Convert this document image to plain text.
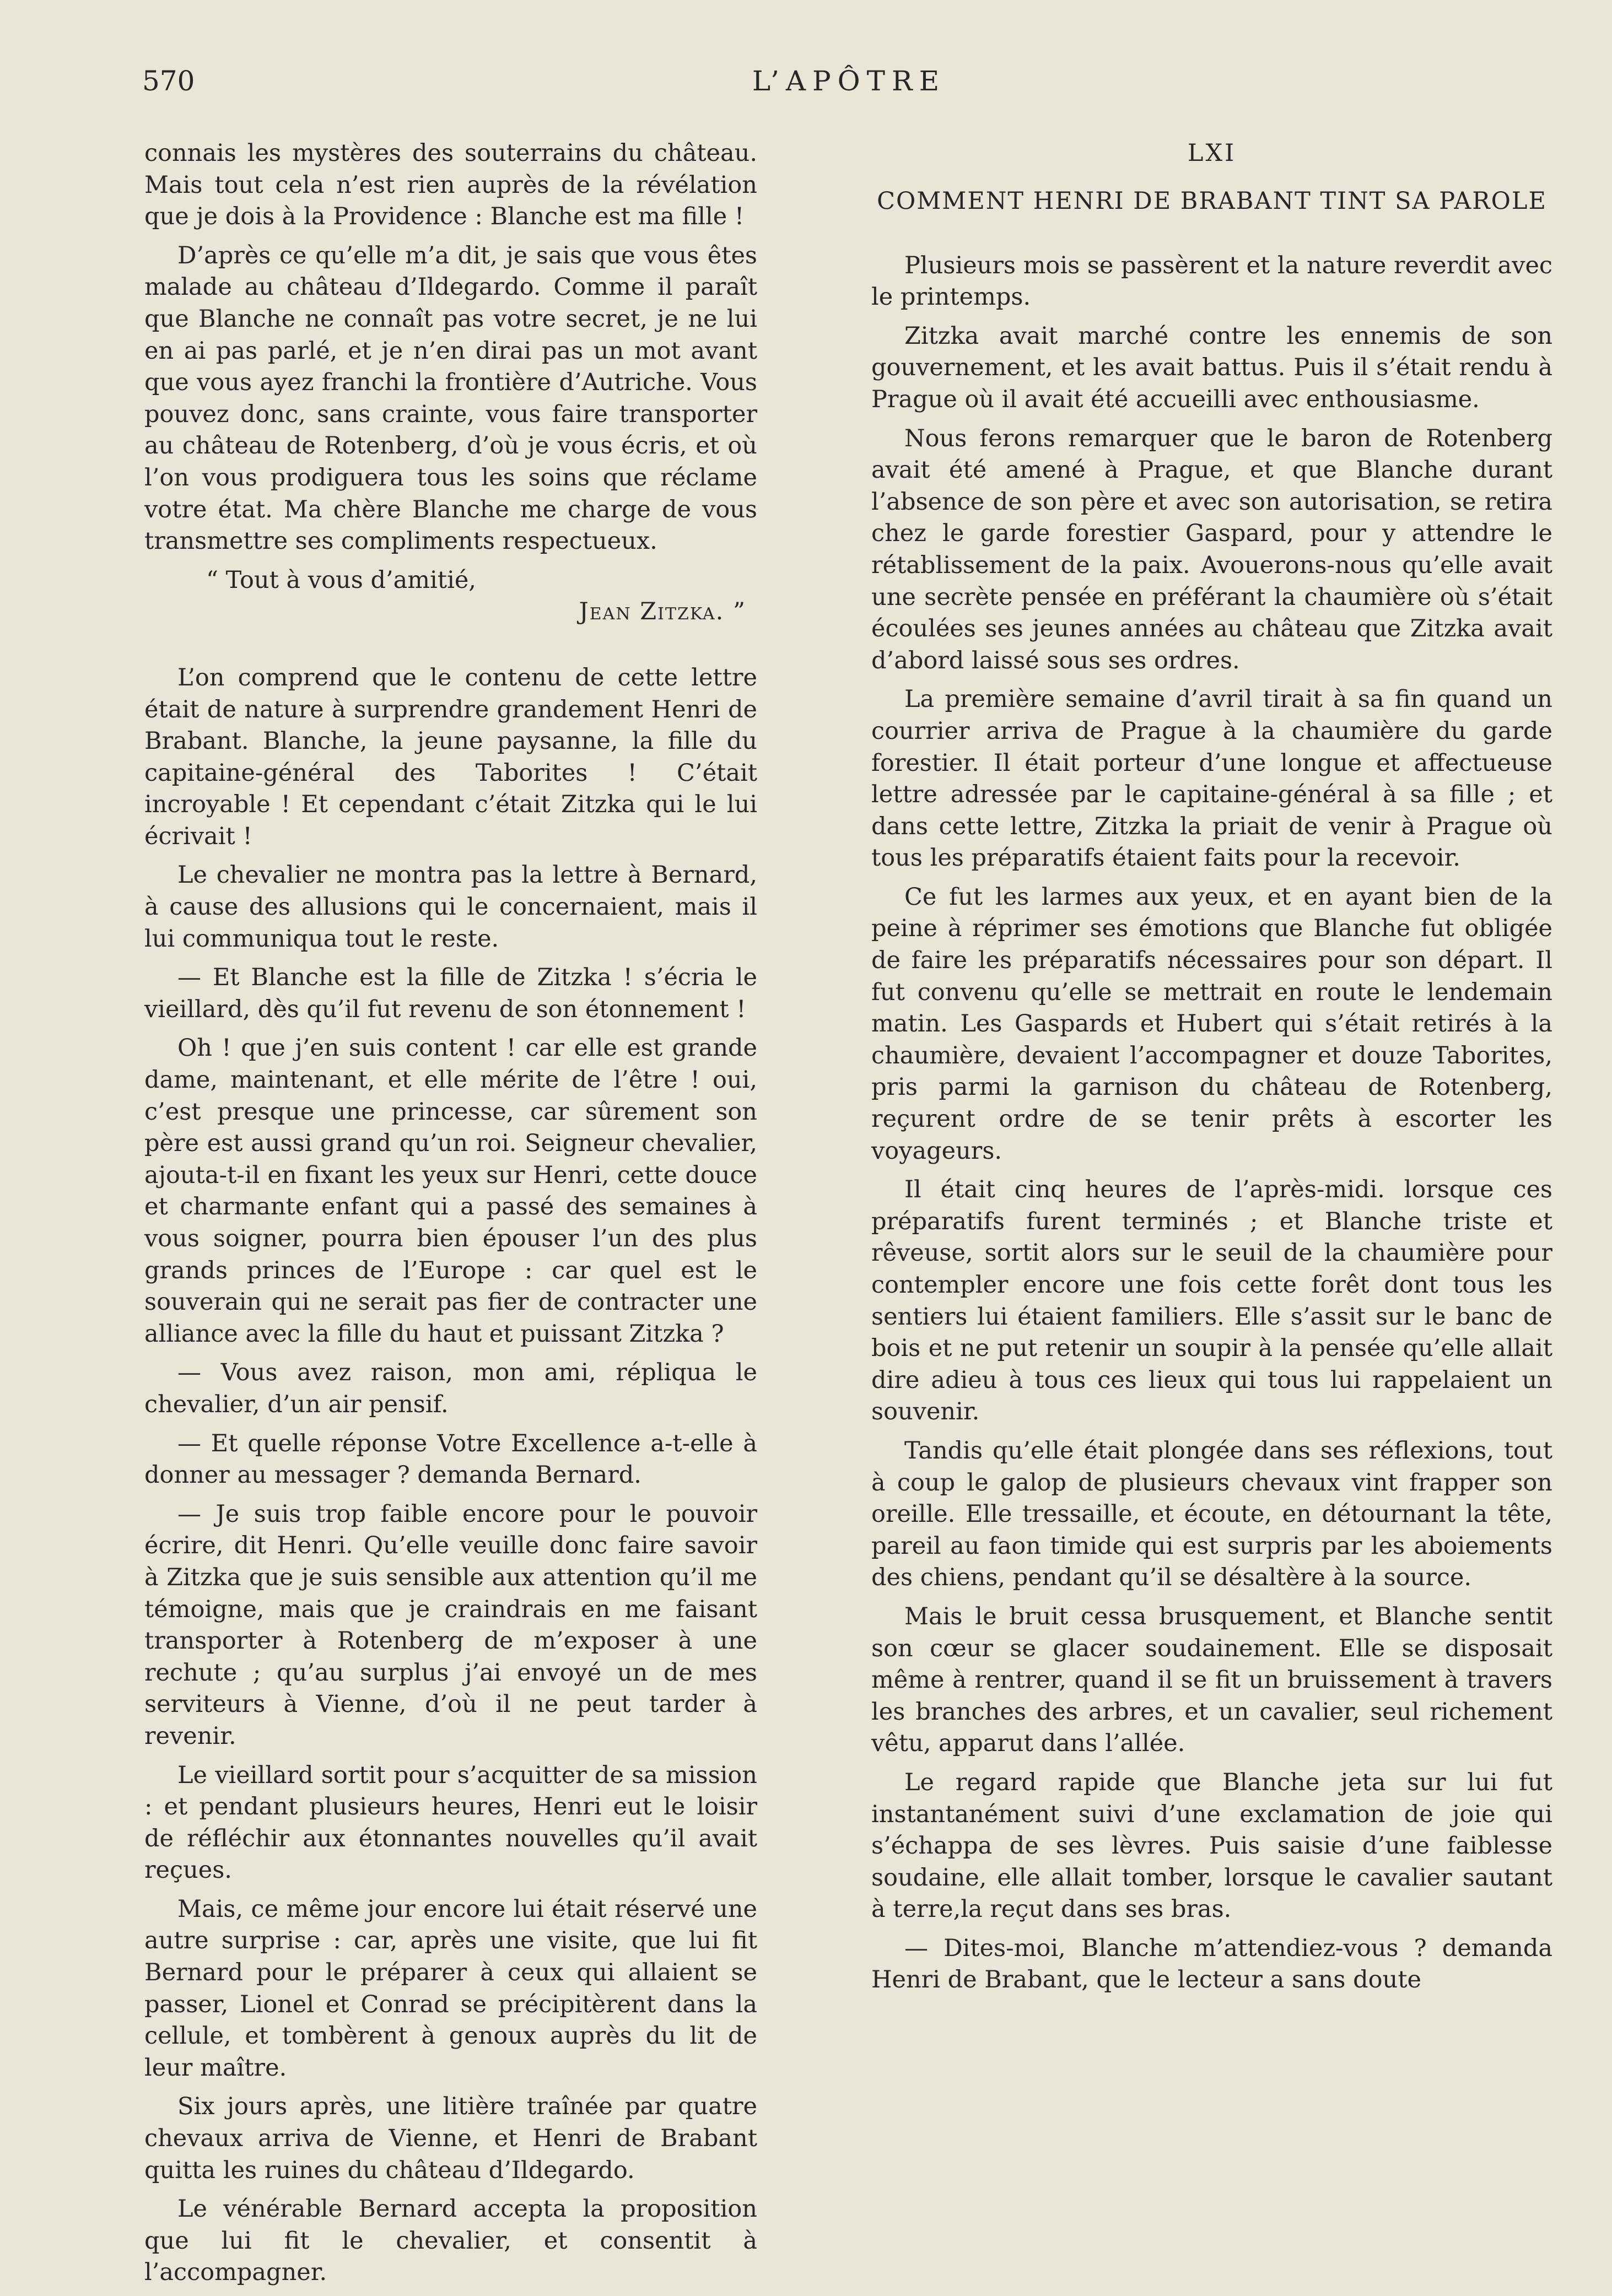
570	L’APÔTRE

connais les mystères des souterrains du château. Mais tout cela n’est rien auprès de la révélation que je dois à la Providence : Blanche est ma fille !

D’après ce qu’elle m’a dit, je sais que vous êtes malade au château d’Ildegardo. Comme il paraît que Blanche ne connaît pas votre secret, je ne lui en ai pas parlé, et je n’en dirai pas un mot avant que vous ayez franchi la frontière d’Autriche. Vous pouvez donc, sans crainte, vous faire transporter au château de Rotenberg, d’où je vous écris, et où l’on vous prodiguera tous les soins que réclame votre état. Ma chère Blanche me charge de vous transmettre ses compliments respectueux.

“ Tout à vous d’amitié,
Jean Zitzka. ”

L’on comprend que le contenu de cette lettre était de nature à surprendre grandement Henri de Brabant. Blanche, la jeune paysanne, la fille du capitaine-général des Taborites ! C’était incroyable ! Et cependant c’était Zitzka qui le lui écrivait !

Le chevalier ne montra pas la lettre à Bernard, à cause des allusions qui le concernaient, mais il lui communiqua tout le reste.

— Et Blanche est la fille de Zitzka ! s’écria le vieillard, dès qu’il fut revenu de son étonnement !

Oh ! que j’en suis content ! car elle est grande dame, maintenant, et elle mérite de l’être ! oui, c’est presque une princesse, car sûrement son père est aussi grand qu’un roi. Seigneur chevalier, ajouta-t-il en fixant les yeux sur Henri, cette douce et charmante enfant qui a passé des semaines à vous soigner, pourra bien épouser l’un des plus grands princes de l’Europe : car quel est le souverain qui ne serait pas fier de contracter une alliance avec la fille du haut et puissant Zitzka ?

— Vous avez raison, mon ami, répliqua le chevalier, d’un air pensif.

— Et quelle réponse Votre Excellence a-t-elle à donner au messager ? demanda Bernard.

— Je suis trop faible encore pour le pouvoir écrire, dit Henri. Qu’elle veuille donc faire savoir à Zitzka que je suis sensible aux attention qu’il me témoigne, mais que je craindrais en me faisant transporter à Rotenberg de m’exposer à une rechute ; qu’au surplus j’ai envoyé un de mes serviteurs à Vienne, d’où il ne peut tarder à revenir.

Le vieillard sortit pour s’acquitter de sa mission : et pendant plusieurs heures, Henri eut le loisir de réfléchir aux étonnantes nouvelles qu’il avait reçues.

Mais, ce même jour encore lui était réservé une autre surprise : car, après une visite, que lui fit Bernard pour le préparer à ceux qui allaient se passer, Lionel et Conrad se précipitèrent dans la cellule, et tombèrent à genoux auprès du lit de leur maître.

Six jours après, une litière traînée par quatre chevaux arriva de Vienne, et Henri de Brabant quitta les ruines du château d’Ildegardo.

Le vénérable Bernard accepta la proposition que lui fit le chevalier, et consentit à l’accompagner.

LXI
COMMENT HENRI DE BRABANT TINT SA PAROLE

Plusieurs mois se passèrent et la nature reverdit avec le printemps.

Zitzka avait marché contre les ennemis de son gouvernement, et les avait battus. Puis il s’était rendu à Prague où il avait été accueilli avec enthousiasme.

Nous ferons remarquer que le baron de Rotenberg avait été amené à Prague, et que Blanche durant l’absence de son père et avec son autorisation, se retira chez le garde forestier Gaspard, pour y attendre le rétablissement de la paix. Avouerons-nous qu’elle avait une secrète pensée en préférant la chaumière où s’était écoulées ses jeunes années au château que Zitzka avait d’abord laissé sous ses ordres.

La première semaine d’avril tirait à sa fin quand un courrier arriva de Prague à la chaumière du garde forestier. Il était porteur d’une longue et affectueuse lettre adressée par le capitaine-général à sa fille ; et dans cette lettre, Zitzka la priait de venir à Prague où tous les préparatifs étaient faits pour la recevoir.

Ce fut les larmes aux yeux, et en ayant bien de la peine à réprimer ses émotions que Blanche fut obligée de faire les préparatifs nécessaires pour son départ. Il fut convenu qu’elle se mettrait en route le lendemain matin. Les Gaspards et Hubert qui s’était retirés à la chaumière, devaient l’accompagner et douze Taborites, pris parmi la garnison du château de Rotenberg, reçurent ordre de se tenir prêts à escorter les voyageurs.

Il était cinq heures de l’après-midi. lorsque ces préparatifs furent terminés ; et Blanche triste et rêveuse, sortit alors sur le seuil de la chaumière pour contempler encore une fois cette forêt dont tous les sentiers lui étaient familiers. Elle s’assit sur le banc de bois et ne put retenir un soupir à la pensée qu’elle allait dire adieu à tous ces lieux qui tous lui rappelaient un souvenir.

Tandis qu’elle était plongée dans ses réflexions, tout à coup le galop de plusieurs chevaux vint frapper son oreille. Elle tressaille, et écoute, en détournant la tête, pareil au faon timide qui est surpris par les aboiements des chiens, pendant qu’il se désaltère à la source.

Mais le bruit cessa brusquement, et Blanche sentit son cœur se glacer soudainement. Elle se disposait même à rentrer, quand il se fit un bruissement à travers les branches des arbres, et un cavalier, seul richement vêtu, apparut dans l’allée.

Le regard rapide que Blanche jeta sur lui fut instantanément suivi d’une exclamation de joie qui s’échappa de ses lèvres. Puis saisie d’une faiblesse soudaine, elle allait tomber, lorsque le cavalier sautant à terre,la reçut dans ses bras.

— Dites-moi, Blanche m’attendiez-vous ? demanda Henri de Brabant, que le lecteur a sans doute
